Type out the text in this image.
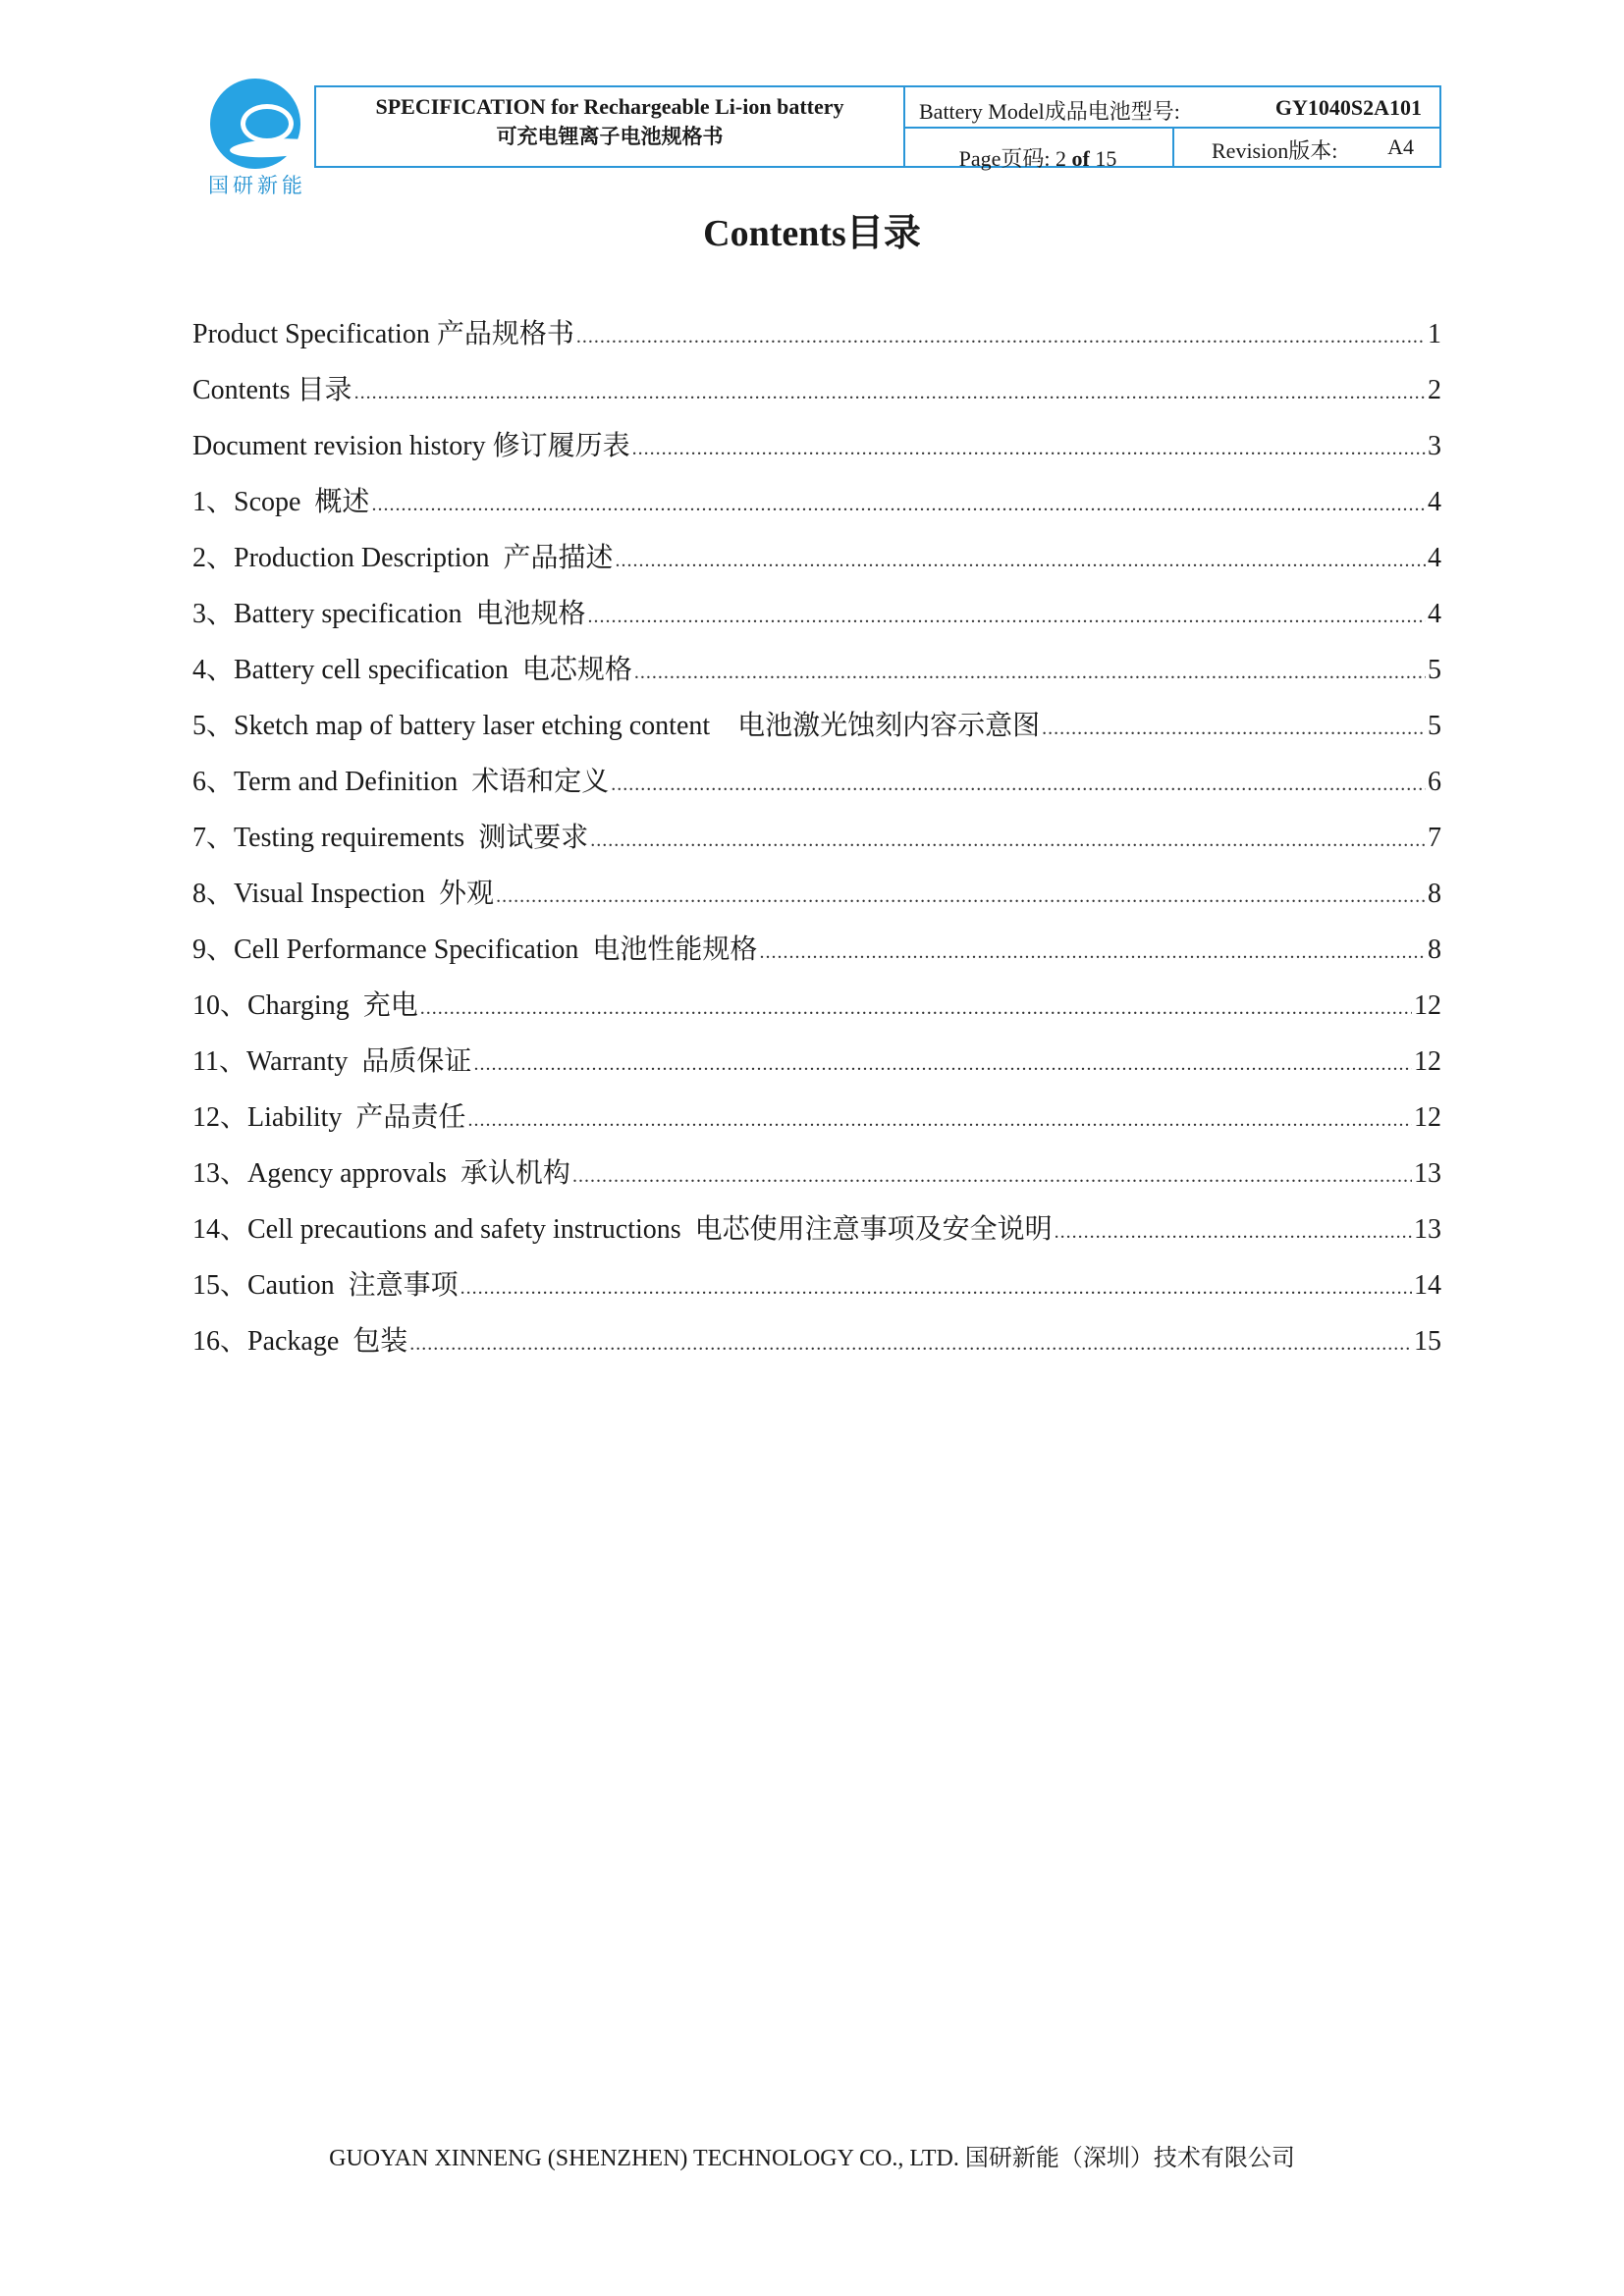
国研新能
SPECIFICATION for Rechargeable Li-ion battery
可充电锂离子电池规格书
Battery Model成品电池型号:	GY1040S2A101
Page页码: 2 of 15	Revision版本: A4
Contents目录
Product Specification 产品规格书 .....	1
Contents 目录 .....	2
Document revision history 修订履历表 .....	3
1、Scope  概述 .....	4
2、Production Description  产品描述 .....	4
3、Battery specification  电池规格 .....	4
4、Battery cell specification  电芯规格 .....	5
5、Sketch map of battery laser etching content    电池激光蚀刻内容示意图 .....	5
6、Term and Definition  术语和定义 .....	6
7、Testing requirements  测试要求 .....	7
8、Visual Inspection  外观 .....	8
9、Cell Performance Specification  电池性能规格 .....	8
10、Charging  充电 .....	12
11、Warranty  品质保证 .....	12
12、Liability  产品责任 .....	12
13、Agency approvals  承认机构 .....	13
14、Cell precautions and safety instructions  电芯使用注意事项及安全说明 .....	13
15、Caution  注意事项 .....	14
16、Package  包装 .....	15
GUOYAN XINNENG (SHENZHEN) TECHNOLOGY CO., LTD. 国研新能（深圳）技术有限公司
